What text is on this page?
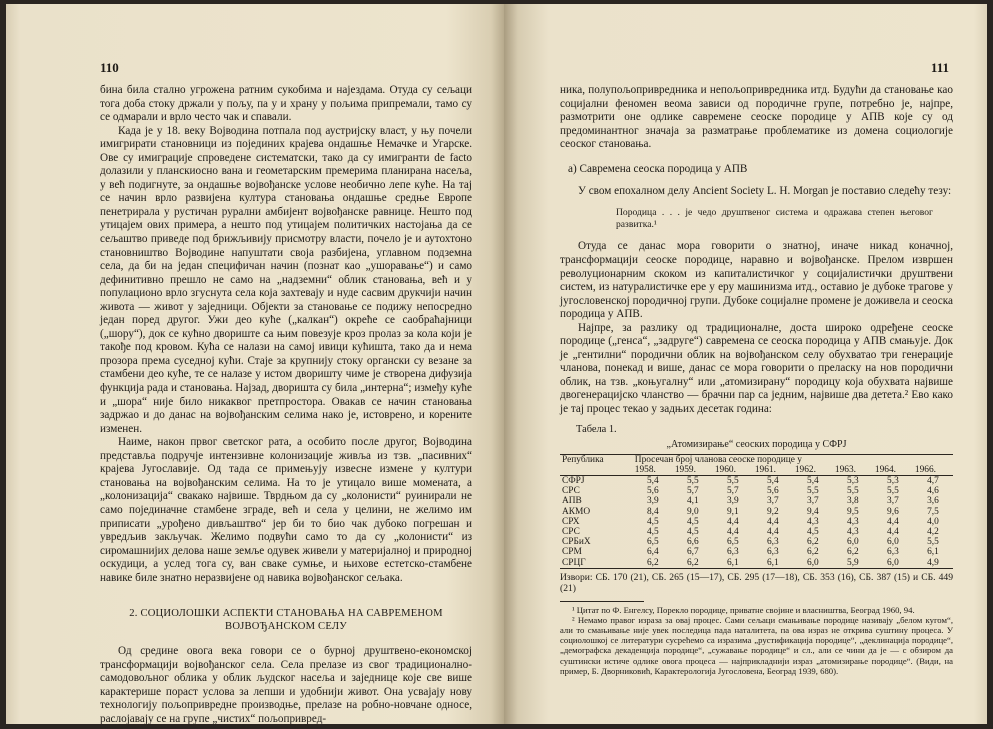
110

бина била стално угрожена ратним сукобима и најездама. Отуда су сељаци тога доба стоку држали у пољу, па у и храну у пољима припремали, тамо су се одмарали и врло често чак и спавали.

Када је у 18. веку Војводина потпала под аустријску власт, у њу почели имигрирати становници из појединих крајева ондашње Немачке и Угарске. Ове су имиграције спроведене систематски, тако да су имигранти de facto долазили у планскиосно вана и геометарским премерима планирана насеља, у већ подигнуте, за ондашње војвођанске услове необично лепе куће. На тај се начин врло развијена култура становања ондашње средње Европе пенетрирала у рустичан рурални амбијент војвођанске равнице. Нешто под утицајем ових примера, а нешто под утицајем политичких настојања да се сељаштво приведе под брижљивију присмотру власти, почело је и аутохтоно становништво Војводине напуштати своја разбијена, углавном подземна села, да би на један специфичан начин (познат као „ушоравање“) и само дефинитивно прешло не само на „надземни“ облик становања, већ и у популационо врло згуснута села која захтевају и нуде сасвим друкчији начин живота — живот у заједници. Објекти за становање се подижу непосредно један поред другог. Ужи део куће („калкан“) окреће се саобраћајници („шору“), док се кућно двориште са њим повезује кроз пролаз за кола који је такође под кровом. Кућа се налази на самој ивици кућишта, тако да и нема прозора према суседној кући. Стаје за крупнију стоку органски су везане за стамбени део куће, те се налазе у истом дворишту чиме је створена дифузија функција рада и становања. Најзад, двориштa су била „интерна“; између куће и „шора“ није било никаквог претпростора. Овакав се начин становања задржао и до данас на војвођанским селима нако је, истоврено, и корените изменeн.

Наиме, након првог светског рата, а особито после другог, Војводина представља подручје интензивне колонизације живља из тзв. „пасивних“ крајева Југославије. Од тада се примењују извесне измене у култури становања на војвођанским селима. На то је утицало више момената, а „колонизација“ свакако највише. Тврдњом да су „колонисти“ руинирали не само појединачне стамбене зграде, већ и села у целини, не желимо им приписати „урођено дивљаштво“ јер би то био чак дубоко погрешан и увредљив закључак. Желимо подвући само то да су „колонисти“ из сиромашнијих делова наше земље одувек живели у материјалној и природној оскудици, а услед тога су, ван сваке сумње, и њихове естетско-стамбене навике биле знатно неразвијене од навика војвођанског сељака.

2. СОЦИОЛОШКИ АСПЕКТИ СТАНОВАЊА НА САВРЕМЕНОМ ВОЈВОЂАНСКОМ СЕЛУ

Од средине овога века говори се о бурној друштвено-економској трансформацији војвођанског села. Села прелазе из свог традиционално-самодовољног облика у облик људског насеља и заједнице које све више карактерише пораст услова за лепши и удобнији живот. Она усвајају нову технологију пољопривредне производње, прелазе на робно-новчане односе, раслојавају се на групе „чистих“ пољопривред-

111

ника, полупољопривредника и непољопривредника итд. Будући да становање као социјални феномен веома зависи од породичне групе, потребно је, најпре, размотрити оне одлике савремене сеоске породице у АПВ које су од предоминантног значаја за разматрање проблематике из домена социологије сеоског становања.

а) Савремена сеоска породица у АПВ

У свом епохалном делу Ancient Society L. H. Morgan је поставио следећу тезу:

Породица . . . је чедо друштвеног система и одражава степен његовог развитка.¹

Отуда се данас мора говорити о знатној, иначе никад коначној, трансформацији сеоске породице, наравно и војвођанске. Прелом извршен револуционарним скоком из капиталистичког у социјалистички друштвени систем, из натуралистичке ере у еру машинизма итд., оставио је дубоке трагове у југословенској породичној групи. Дубоке социјалне промене је доживела и сеоска породица у АПВ.

Најпре, за разлику од традиционалне, доста широко одређене сеоске породице („генса“, „задруге“) савремена се сеоска породица у АПВ смањује. Док је „гентилни“ породични облик на војвођанском селу обухватао три генерације чланова, понекад и више, данас се мора говорити о преласку на нов породични облик, на тзв. „коњугалну“ или „атомизирану“ породицу која обухвата највише двогенерацијско чланство — брачни пар са једним, највише два детета.² Ево како је тај процес текао у задњих десетак година:

Табела 1.
„Атомизирање“ сеоских породица у СФРЈ
Република	Просечан број чланова сеоске породице у							
	1958.	1959.	1960.	1961.	1962.	1963.	1964.	1966.
СФРЈ	5,4	5,5	5,5	5,4	5,4	5,3	5,3	4,7
СРС	5,6	5,7	5,7	5,6	5,5	5,5	5,5	4,6
АПВ	3,9	4,1	3,9	3,7	3,7	3,8	3,7	3,6
АКМО	8,4	9,0	9,1	9,2	9,4	9,5	9,6	7,5
СРХ	4,5	4,5	4,4	4,4	4,3	4,3	4,4	4,0
СРС	4,5	4,5	4,4	4,4	4,5	4,3	4,4	4,2
СРБиХ	6,5	6,6	6,5	6,3	6,2	6,0	6,0	5,5
СРМ	6,4	6,7	6,3	6,3	6,2	6,2	6,3	6,1
СРЦГ	6,2	6,2	6,1	6,1	6,0	5,9	6,0	4,9
Извори: СБ. 170 (21), СБ. 265 (15—17), СБ. 295 (17—18), СБ. 353 (16), СБ. 387 (15) и СБ. 449 (21)
¹ Цитат по Ф. Енгелсу, Порекло породице, приватне својине и власништва, Београд 1960, 94.
² Немамо правог израза за овај процес. Сами сељаци смањивање породице називају „белом кугом“, али то смањивање није увек последица пада наталитета, па ова израз не открива суштину процеса. У социолошкој се литератури сусрећемо са изразима „рустификација породице“, „деклинација породице“, „демографска декаденција породице“, „сужавање породице“ и сл., али се чини да је — с обзиром да суштински истиче одлике овога процеса — најприкладнији израз „атомизирање породице“. (Види, на пример, Б. Дворниковић, Карактерологија Југословена, Београд 1939, 680).
